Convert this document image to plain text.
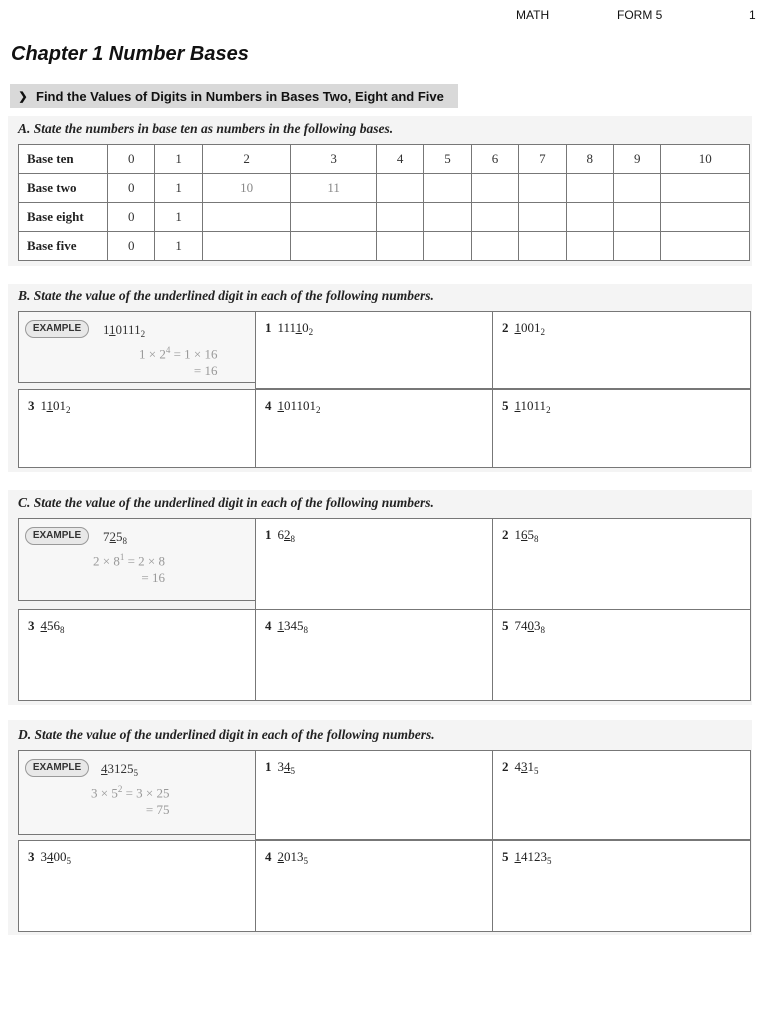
MATH	FORM 5	1
Chapter 1 Number Bases
❯ Find the Values of Digits in Numbers in Bases Two, Eight and Five
A. State the numbers in base ten as numbers in the following bases.
Base ten	0	1	2	3	4	5	6	7	8	9	10
Base two	0	1	10	11							
Base eight	0	1									
Base five	0	1									
B. State the value of the underlined digit in each of the following numbers.
EXAMPLE	$110111_2$
$1 \times 2^4 = 1 \times 16$
= 16
1 $11110_2$	2 $1001_2$
3 $1101_2$	4 $101101_2$	5 $11011_2$
C. State the value of the underlined digit in each of the following numbers.
EXAMPLE	$725_8$
$2 \times 8^1 = 2 \times 8$
= 16
1 $62_8$	2 $165_8$
3 $456_8$	4 $1345_8$	5 $7403_8$
D. State the value of the underlined digit in each of the following numbers.
EXAMPLE	$43125_5$
$3 \times 5^2 = 3 \times 25$
= 75
1 $34_5$	2 $431_5$
3 $3400_5$	4 $2013_5$	5 $14123_5$
